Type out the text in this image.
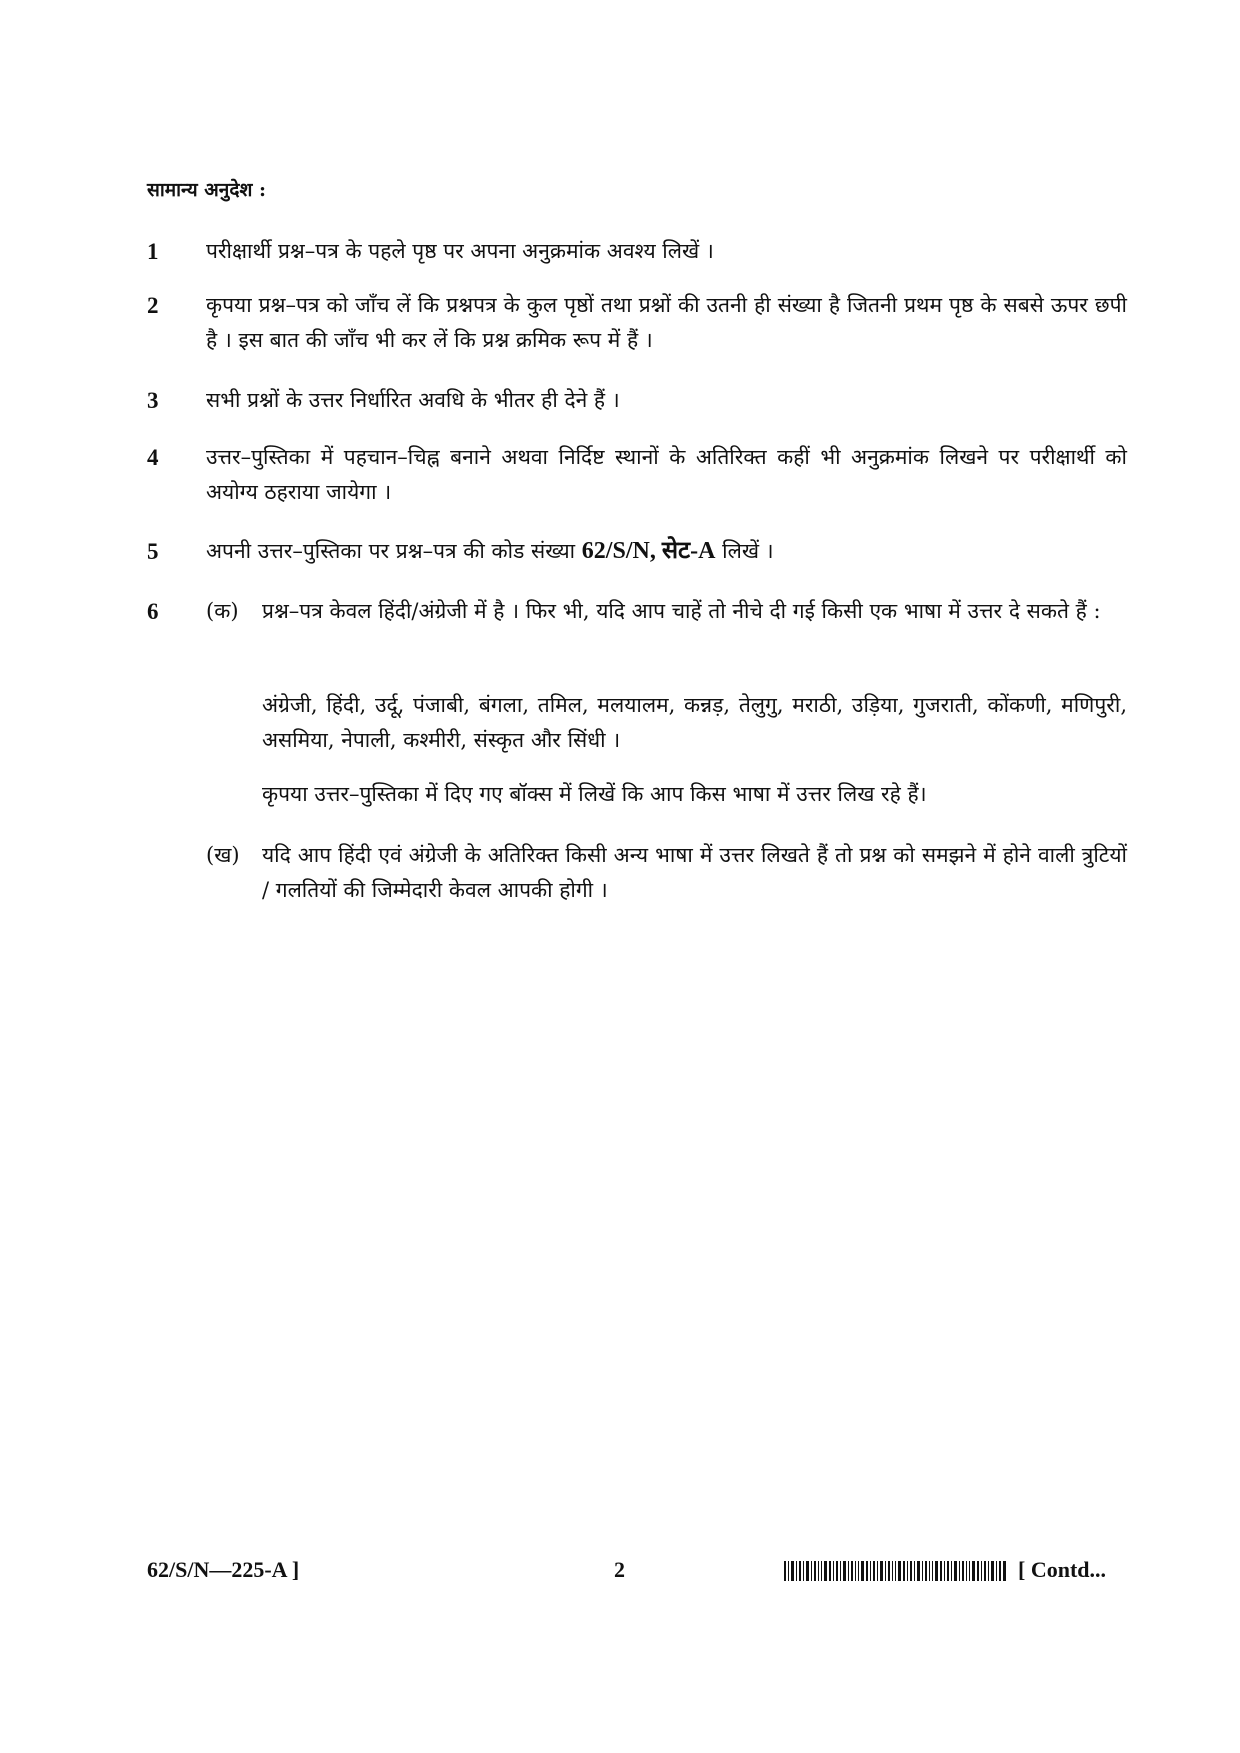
सामान्य अनुदेश :
1	परीक्षार्थी प्रश्न–पत्र के पहले पृष्ठ पर अपना अनुक्रमांक अवश्य लिखें ।
2	कृपया प्रश्न–पत्र को जाँच लें कि प्रश्नपत्र के कुल पृष्ठों तथा प्रश्नों की उतनी ही संख्या है जितनी प्रथम पृष्ठ के सबसे ऊपर छपी है । इस बात की जाँच भी कर लें कि प्रश्न क्रमिक रूप में हैं ।
3	सभी प्रश्नों के उत्तर निर्धारित अवधि के भीतर ही देने हैं ।
4	उत्तर–पुस्तिका में पहचान–चिह्न बनाने अथवा निर्दिष्ट स्थानों के अतिरिक्त कहीं भी अनुक्रमांक लिखने पर परीक्षार्थी को अयोग्य ठहराया जायेगा ।
5	अपनी उत्तर–पुस्तिका पर प्रश्न–पत्र की कोड संख्या 62/S/N, सेट-A लिखें ।
6	(क) प्रश्न–पत्र केवल हिंदी/अंग्रेजी में है । फिर भी, यदि आप चाहें तो नीचे दी गई किसी एक भाषा में उत्तर दे सकते हैं :
अंग्रेजी, हिंदी, उर्दू, पंजाबी, बंगला, तमिल, मलयालम, कन्नड़, तेलुगु, मराठी, उड़िया, गुजराती, कोंकणी, मणिपुरी, असमिया, नेपाली, कश्मीरी, संस्कृत और सिंधी ।
कृपया उत्तर–पुस्तिका में दिए गए बॉक्स में लिखें कि आप किस भाषा में उत्तर लिख रहे हैं।
(ख) यदि आप हिंदी एवं अंग्रेजी के अतिरिक्त किसी अन्य भाषा में उत्तर लिखते हैं तो प्रश्न को समझने में होने वाली त्रुटियों / गलतियों की जिम्मेदारी केवल आपकी होगी ।
62/S/N—225-A ]	2	[ Contd...
